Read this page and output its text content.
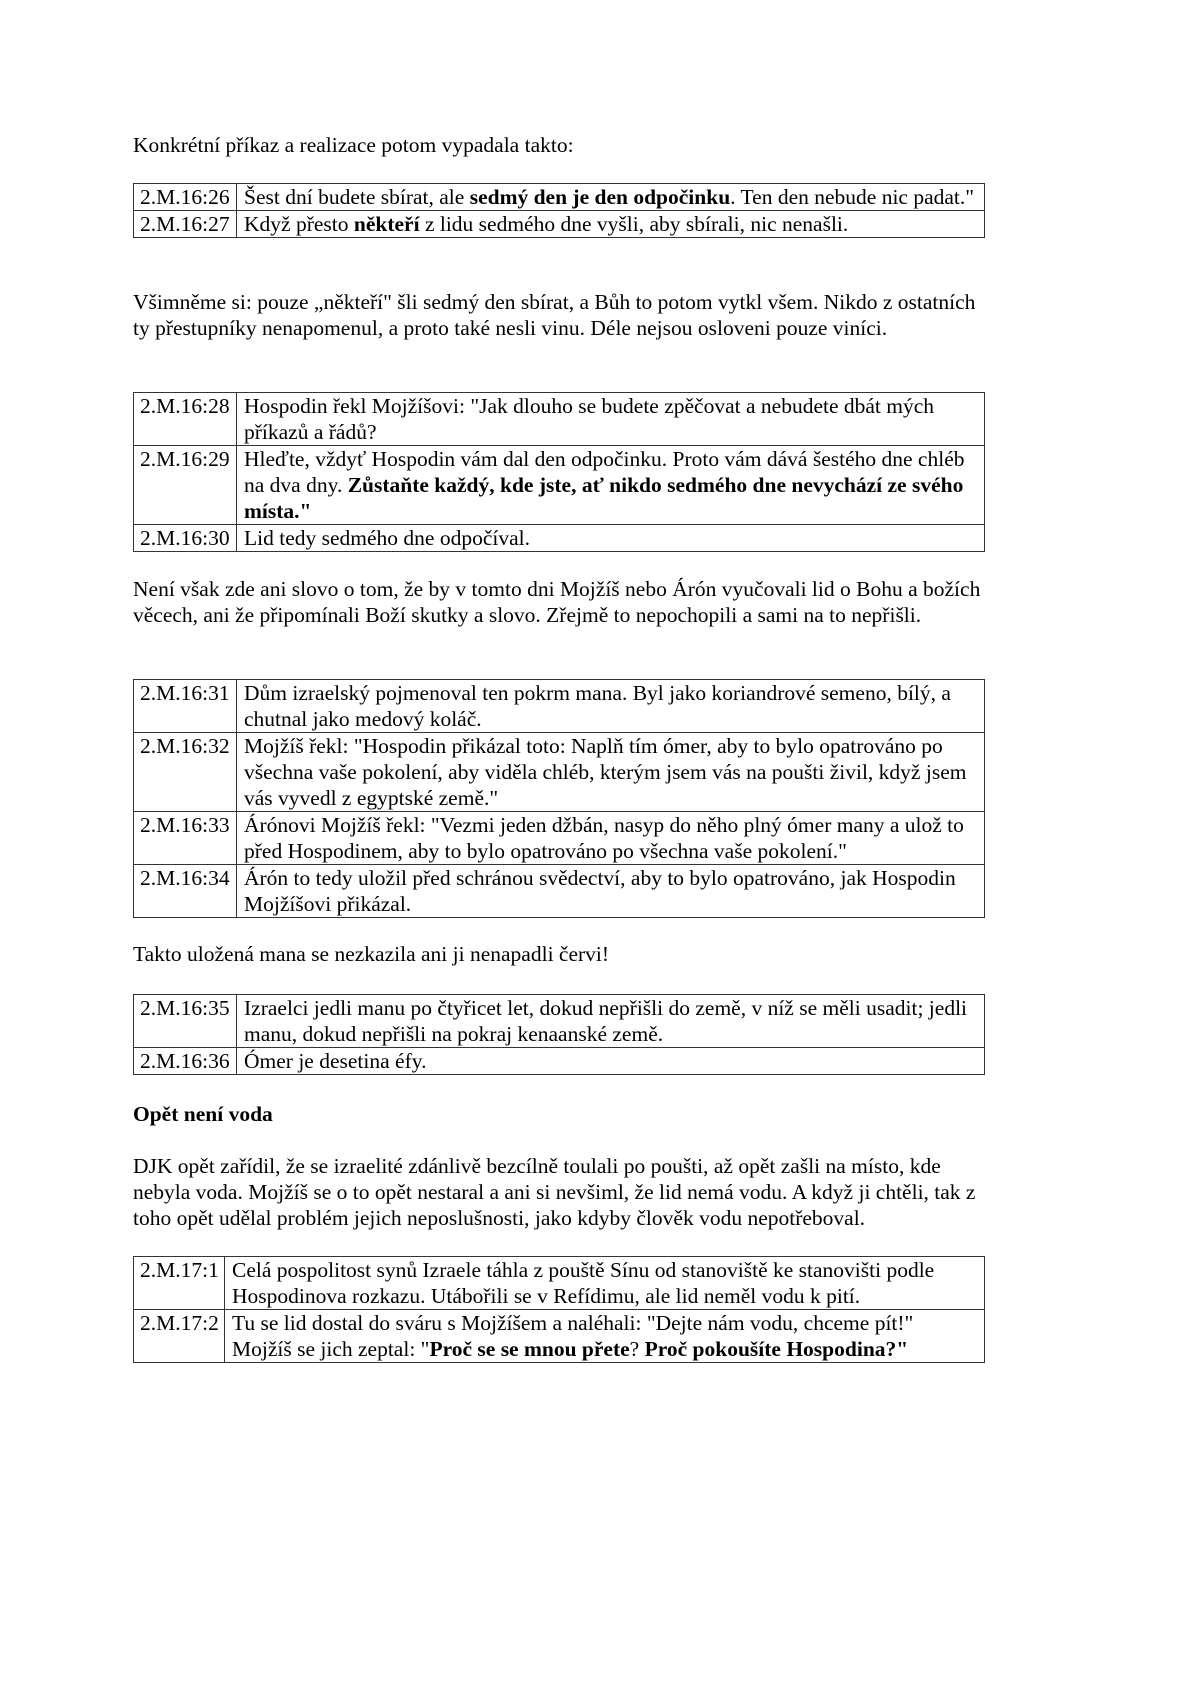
Konkrétní příkaz a realizace potom vypadala takto:

2.M.16:26	Šest dní budete sbírat, ale sedmý den je den odpočinku. Ten den nebude nic padat."
2.M.16:27	Když přesto někteří z lidu sedmého dne vyšli, aby sbírali, nic nenašli.

Všimněme si: pouze „někteří" šli sedmý den sbírat, a Bůh to potom vytkl všem. Nikdo z ostatních ty přestupníky nenapomenul, a proto také nesli vinu. Déle nejsou osloveni pouze viníci.

2.M.16:28	Hospodin řekl Mojžíšovi: "Jak dlouho se budete zpěčovat a nebudete dbát mých příkazů a řádů?
2.M.16:29	Hleďte, vždyť Hospodin vám dal den odpočinku. Proto vám dává šestého dne chléb na dva dny. Zůstaňte každý, kde jste, ať nikdo sedmého dne nevychází ze svého místa."
2.M.16:30	Lid tedy sedmého dne odpočíval.

Není však zde ani slovo o tom, že by v tomto dni Mojžíš nebo Árón vyučovali lid o Bohu a božích věcech, ani že připomínali Boží skutky a slovo. Zřejmě to nepochopili a sami na to nepřišli.

2.M.16:31	Dům izraelský pojmenoval ten pokrm mana. Byl jako koriandrové semeno, bílý, a chutnal jako medový koláč.
2.M.16:32	Mojžíš řekl: "Hospodin přikázal toto: Naplň tím ómer, aby to bylo opatrováno po všechna vaše pokolení, aby viděla chléb, kterým jsem vás na poušti živil, když jsem vás vyvedl z egyptské země."
2.M.16:33	Árónovi Mojžíš řekl: "Vezmi jeden džbán, nasyp do něho plný ómer many a ulož to před Hospodinem, aby to bylo opatrováno po všechna vaše pokolení."
2.M.16:34	Árón to tedy uložil před schránou svědectví, aby to bylo opatrováno, jak Hospodin Mojžíšovi přikázal.

Takto uložená mana se nezkazila ani ji nenapadli červi!

2.M.16:35	Izraelci jedli manu po čtyřicet let, dokud nepřišli do země, v níž se měli usadit; jedli manu, dokud nepřišli na pokraj kenaanské země.
2.M.16:36	Ómer je desetina éfy.
Opět není voda

DJK opět zařídil, že se izraelité zdánlivě bezcílně toulali po poušti, až opět zašli na místo, kde nebyla voda. Mojžíš se o to opět nestaral a ani si nevšiml, že lid nemá vodu. A když ji chtěli, tak z toho opět udělal problém jejich neposlušnosti, jako kdyby člověk vodu nepotřeboval.

2.M.17:1	Celá pospolitost synů Izraele táhla z pouště Sínu od stanoviště ke stanovišti podle Hospodinova rozkazu. Utábořili se v Refídimu, ale lid neměl vodu k pití.
2.M.17:2	Tu se lid dostal do sváru s Mojžíšem a naléhali: "Dejte nám vodu, chceme pít!" Mojžíš se jich zeptal: "Proč se se mnou přete? Proč pokoušíte Hospodina?"
